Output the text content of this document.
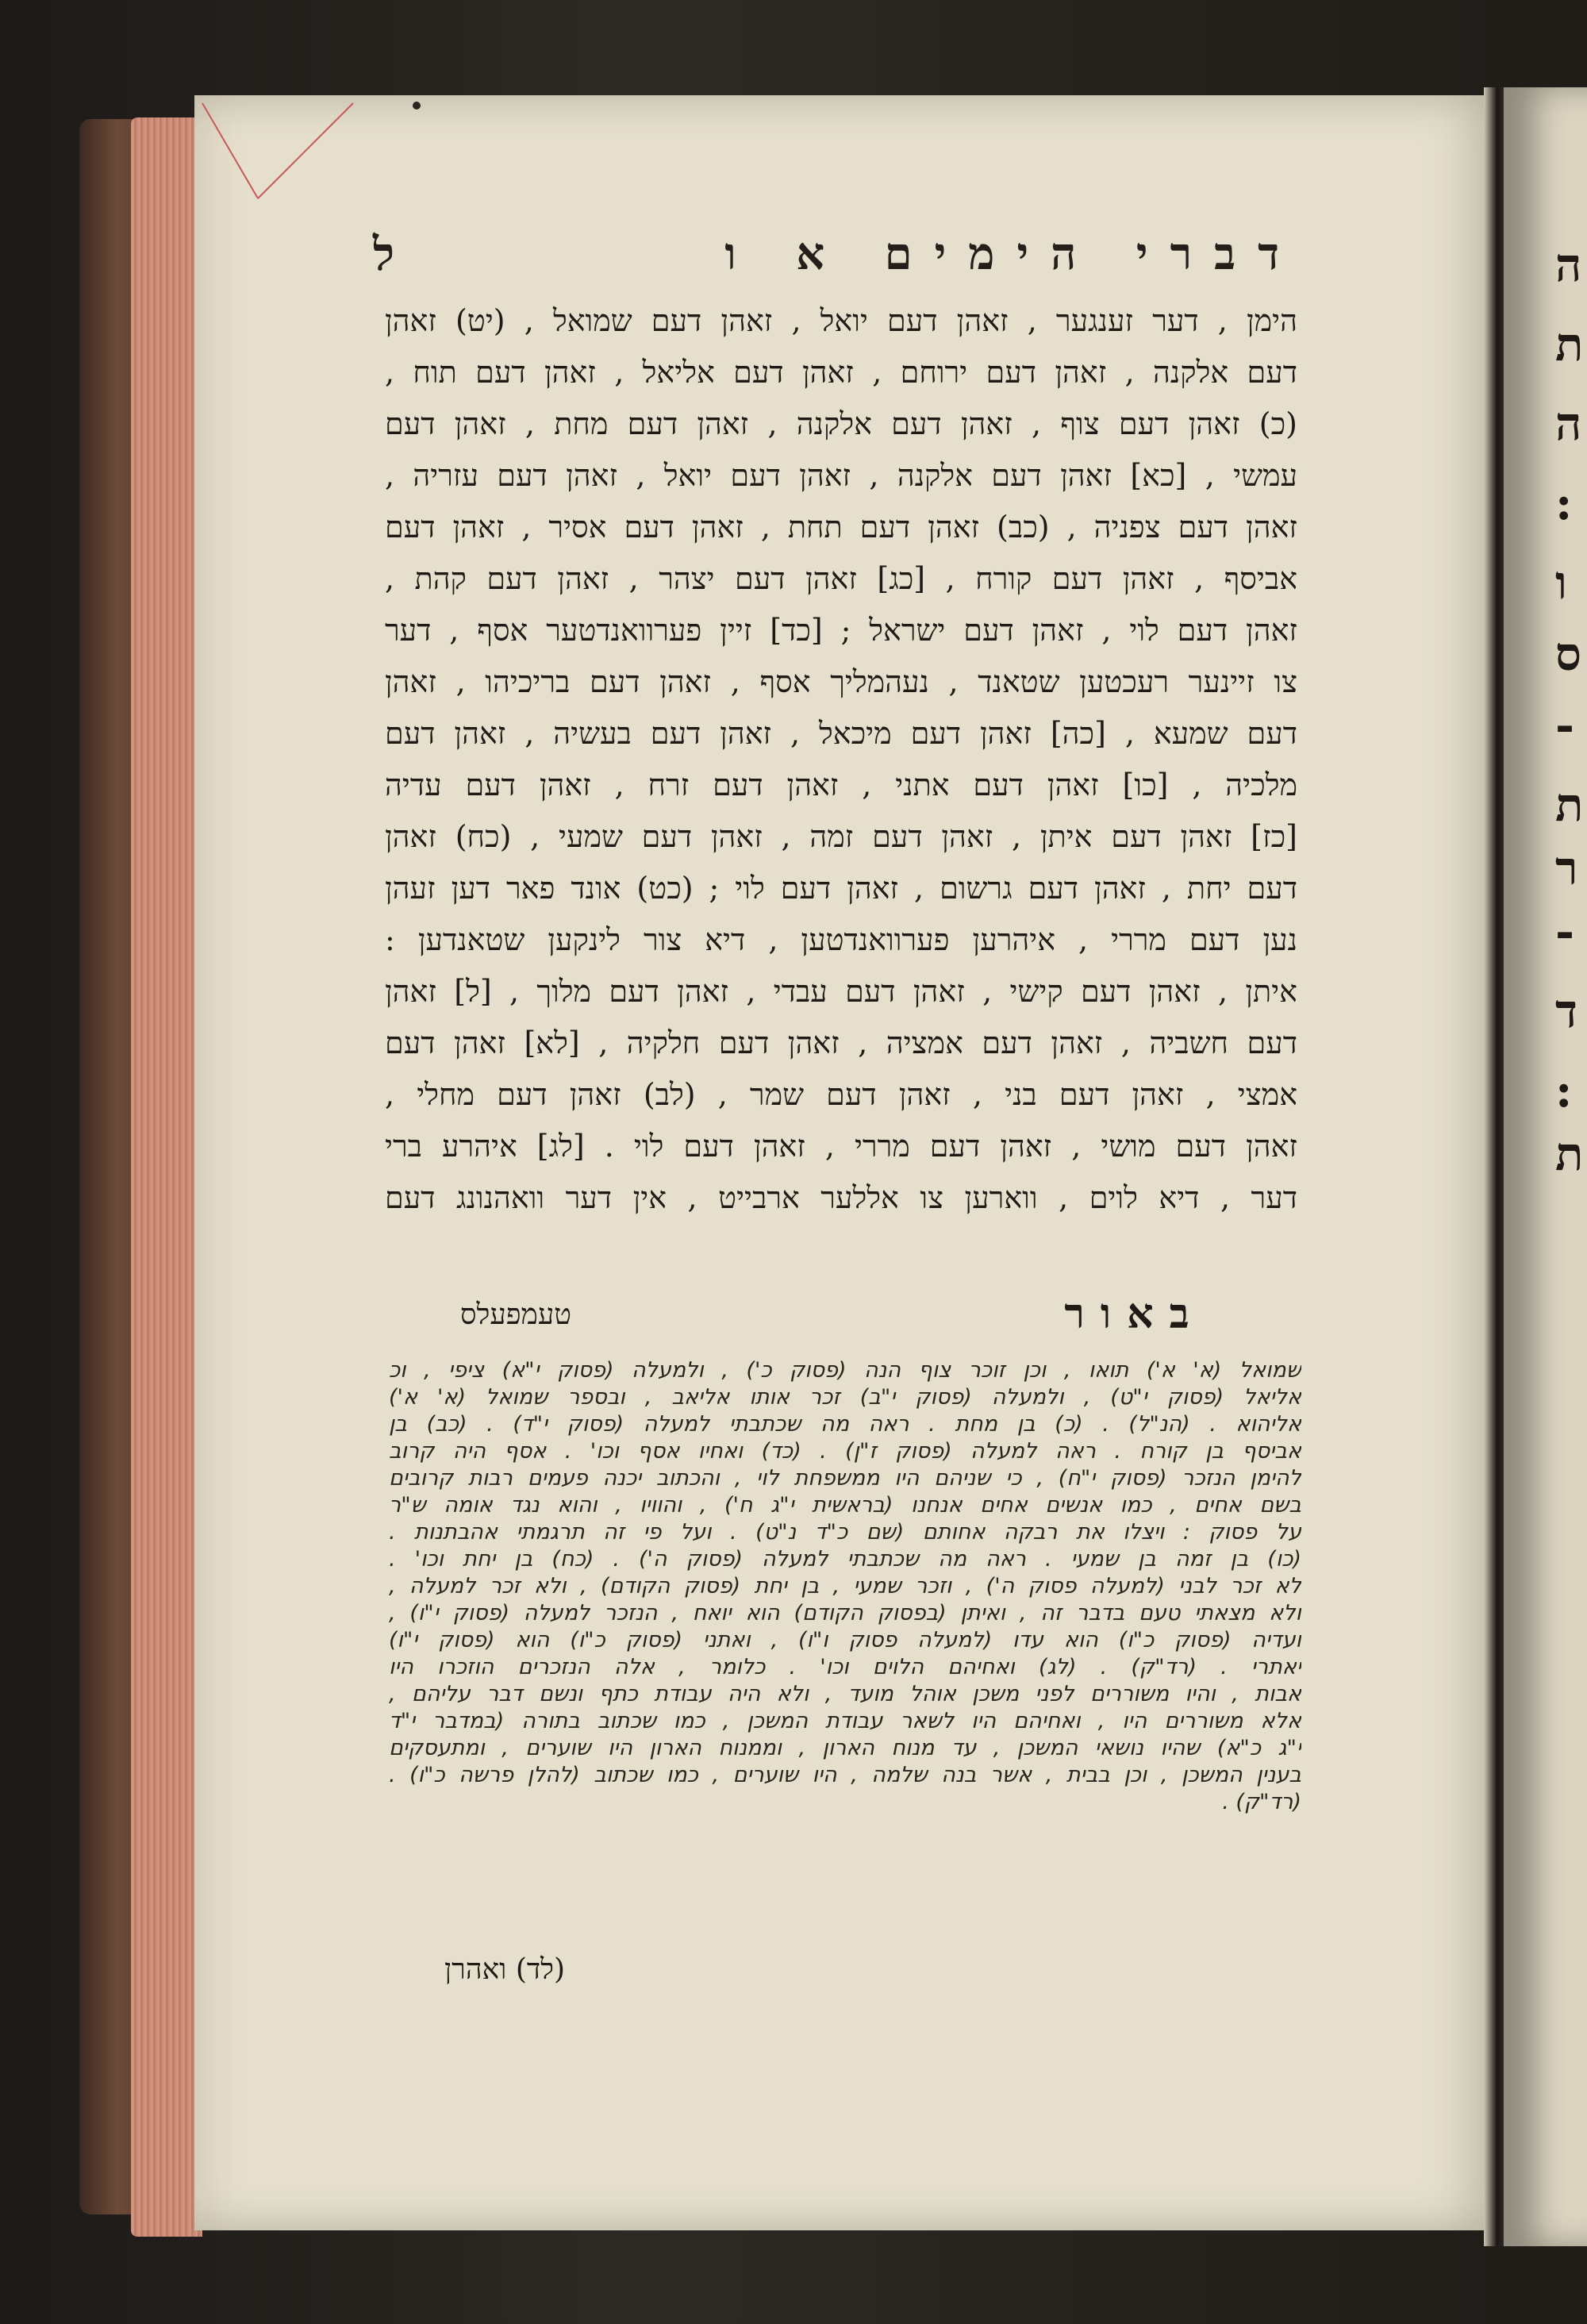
דברי הימים א ו
ל
הימן , דער זענגער , זאהן דעם יואל , זאהן דעם שמואל , (יט) זאהן
דעם אלקנה , זאהן דעם ירוחם , זאהן דעם אליאל , זאהן דעם תוח ,
(כ) זאהן דעם צוף , זאהן דעם אלקנה , זאהן דעם מחת , זאהן דעם
עמשי , [כא] זאהן דעם אלקנה , זאהן דעם יואל , זאהן דעם עזריה ,
זאהן דעם צפניה , (כב) זאהן דעם תחת , זאהן דעם אסיר , זאהן דעם
אביסף , זאהן דעם קורח , [כג] זאהן דעם יצהר , זאהן דעם קהת ,
זאהן דעם לוי , זאהן דעם ישראל ; [כד] זיין פערוואנדטער אסף , דער
צו זיינער רעכטען שטאנד , נעהמליך אסף , זאהן דעם בריכיהו , זאהן
דעם שמעא , [כה] זאהן דעם מיכאל , זאהן דעם בעשיה , זאהן דעם
מלכיה , [כו] זאהן דעם אתני , זאהן דעם זרח , זאהן דעם עדיה
[כז] זאהן דעם איתן , זאהן דעם זמה , זאהן דעם שמעי , (כח) זאהן
דעם יחת , זאהן דעם גרשום , זאהן דעם לוי ; (כט) אונד פאר דען זעהן
נען דעם מררי , איהרען פערוואנדטען , דיא צור לינקען שטאנדען :
איתן , זאהן דעם קישי , זאהן דעם עבדי , זאהן דעם מלוך , [ל] זאהן
דעם חשביה , זאהן דעם אמציה , זאהן דעם חלקיה , [לא] זאהן דעם
אמצי , זאהן דעם בני , זאהן דעם שמר , (לב) זאהן דעם מחלי ,
זאהן דעם מושי , זאהן דעם מררי , זאהן דעם לוי . [לג] איהרע ברי
דער , דיא לוים , ווארען צו אללער ארבייט , אין דער וואהנונג דעם
באור
טעמפעלס
שמואל (א' א') תואו , וכן זוכר צוף הנה (פסוק כ') , ולמעלה (פסוק י"א) ציפי , וכ
אליאל (פסוק י"ט) , ולמעלה (פסוק י"ב) זכר אותו אליאב , ובספר שמואל (א' א')
אליהוא . (הנ"ל) . (כ) בן מחת . ראה מה שכתבתי למעלה (פסוק י"ד) . (כב) בן
אביסף בן קורח . ראה למעלה (פסוק ז"ן) . (כד) ואחיו אסף וכו' . אסף היה קרוב
להימן הנזכר (פסוק י"ח) , כי שניהם היו ממשפחת לוי , והכתוב יכנה פעמים רבות קרובים
בשם אחים , כמו אנשים אחים אנחנו (בראשית י"ג ח') , והוויו , והוא נגד אומה ש"ר
על פסוק : ויצלו את רבקה אחותם (שם כ"ד נ"ט) . ועל פי זה תרגמתי אהבתנות .
(כו) בן זמה בן שמעי . ראה מה שכתבתי למעלה (פסוק ה') . (כח) בן יחת וכו' .
לא זכר לבני (למעלה פסוק ה') , וזכר שמעי , בן יחת (פסוק הקודם) , ולא זכר למעלה ,
ולא מצאתי טעם בדבר זה , ואיתן (בפסוק הקודם) הוא יואח , הנזכר למעלה (פסוק י"ו) ,
ועדיה (פסוק כ"ו) הוא עדו (למעלה פסוק ו"ו) , ואתני (פסוק כ"ו) הוא (פסוק י"ו)
יאתרי . (רד"ק) . (לג) ואחיהם הלוים וכו' . כלומר , אלה הנזכרים הוזכרו היו
אבות , והיו משוררים לפני משכן אוהל מועד , ולא היה עבודת כתף ונשם דבר עליהם ,
אלא משוררים היו , ואחיהם היו לשאר עבודת המשכן , כמו שכתוב בתורה (במדבר י"ד
י"ג כ"א) שהיו נושאי המשכן , עד מנוח הארון , וממנוח הארון היו שוערים , ומתעסקים
בענין המשכן , וכן בבית , אשר בנה שלמה , היו שוערים , כמו שכתוב (להלן פרשה כ"ו) .
(רד"ק) .
(לד) ואהרן
ה
ת
ה
:
ו
ס
-
ת
ר
-
ד
:
ת
